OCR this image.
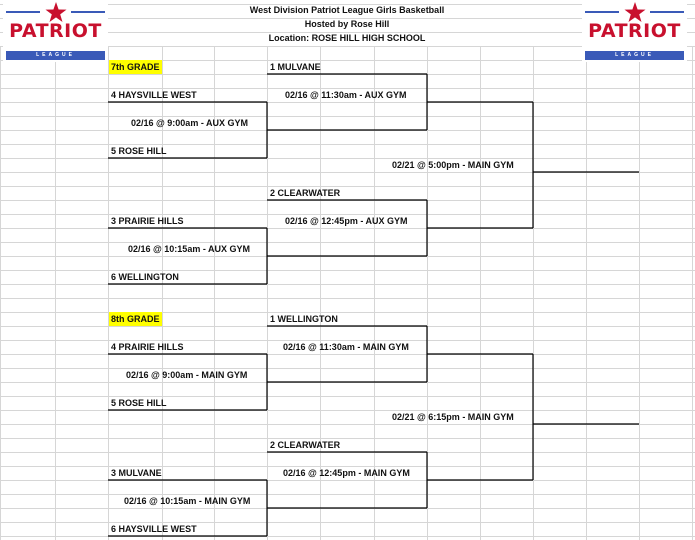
PATRIOT
LEAGUE
PATRIOT
LEAGUE
West Division Patriot League Girls Basketball
Hosted by Rose Hill
Location: ROSE HILL HIGH SCHOOL
7th GRADE	1 MULVANE
4 HAYSVILLE WEST	02/16 @ 11:30am - AUX GYM
02/16 @ 9:00am - AUX GYM
5 ROSE HILL
02/21 @ 5:00pm - MAIN GYM
2 CLEARWATER
3 PRAIRIE HILLS	02/16 @ 12:45pm - AUX GYM
02/16 @ 10:15am - AUX GYM
6 WELLINGTON
8th GRADE	1 WELLINGTON
4 PRAIRIE HILLS	02/16 @ 11:30am - MAIN GYM
02/16 @ 9:00am - MAIN GYM
5 ROSE HILL
02/21 @ 6:15pm - MAIN GYM
2 CLEARWATER
3 MULVANE	02/16 @ 12:45pm - MAIN GYM
02/16 @ 10:15am - MAIN GYM
6 HAYSVILLE WEST
